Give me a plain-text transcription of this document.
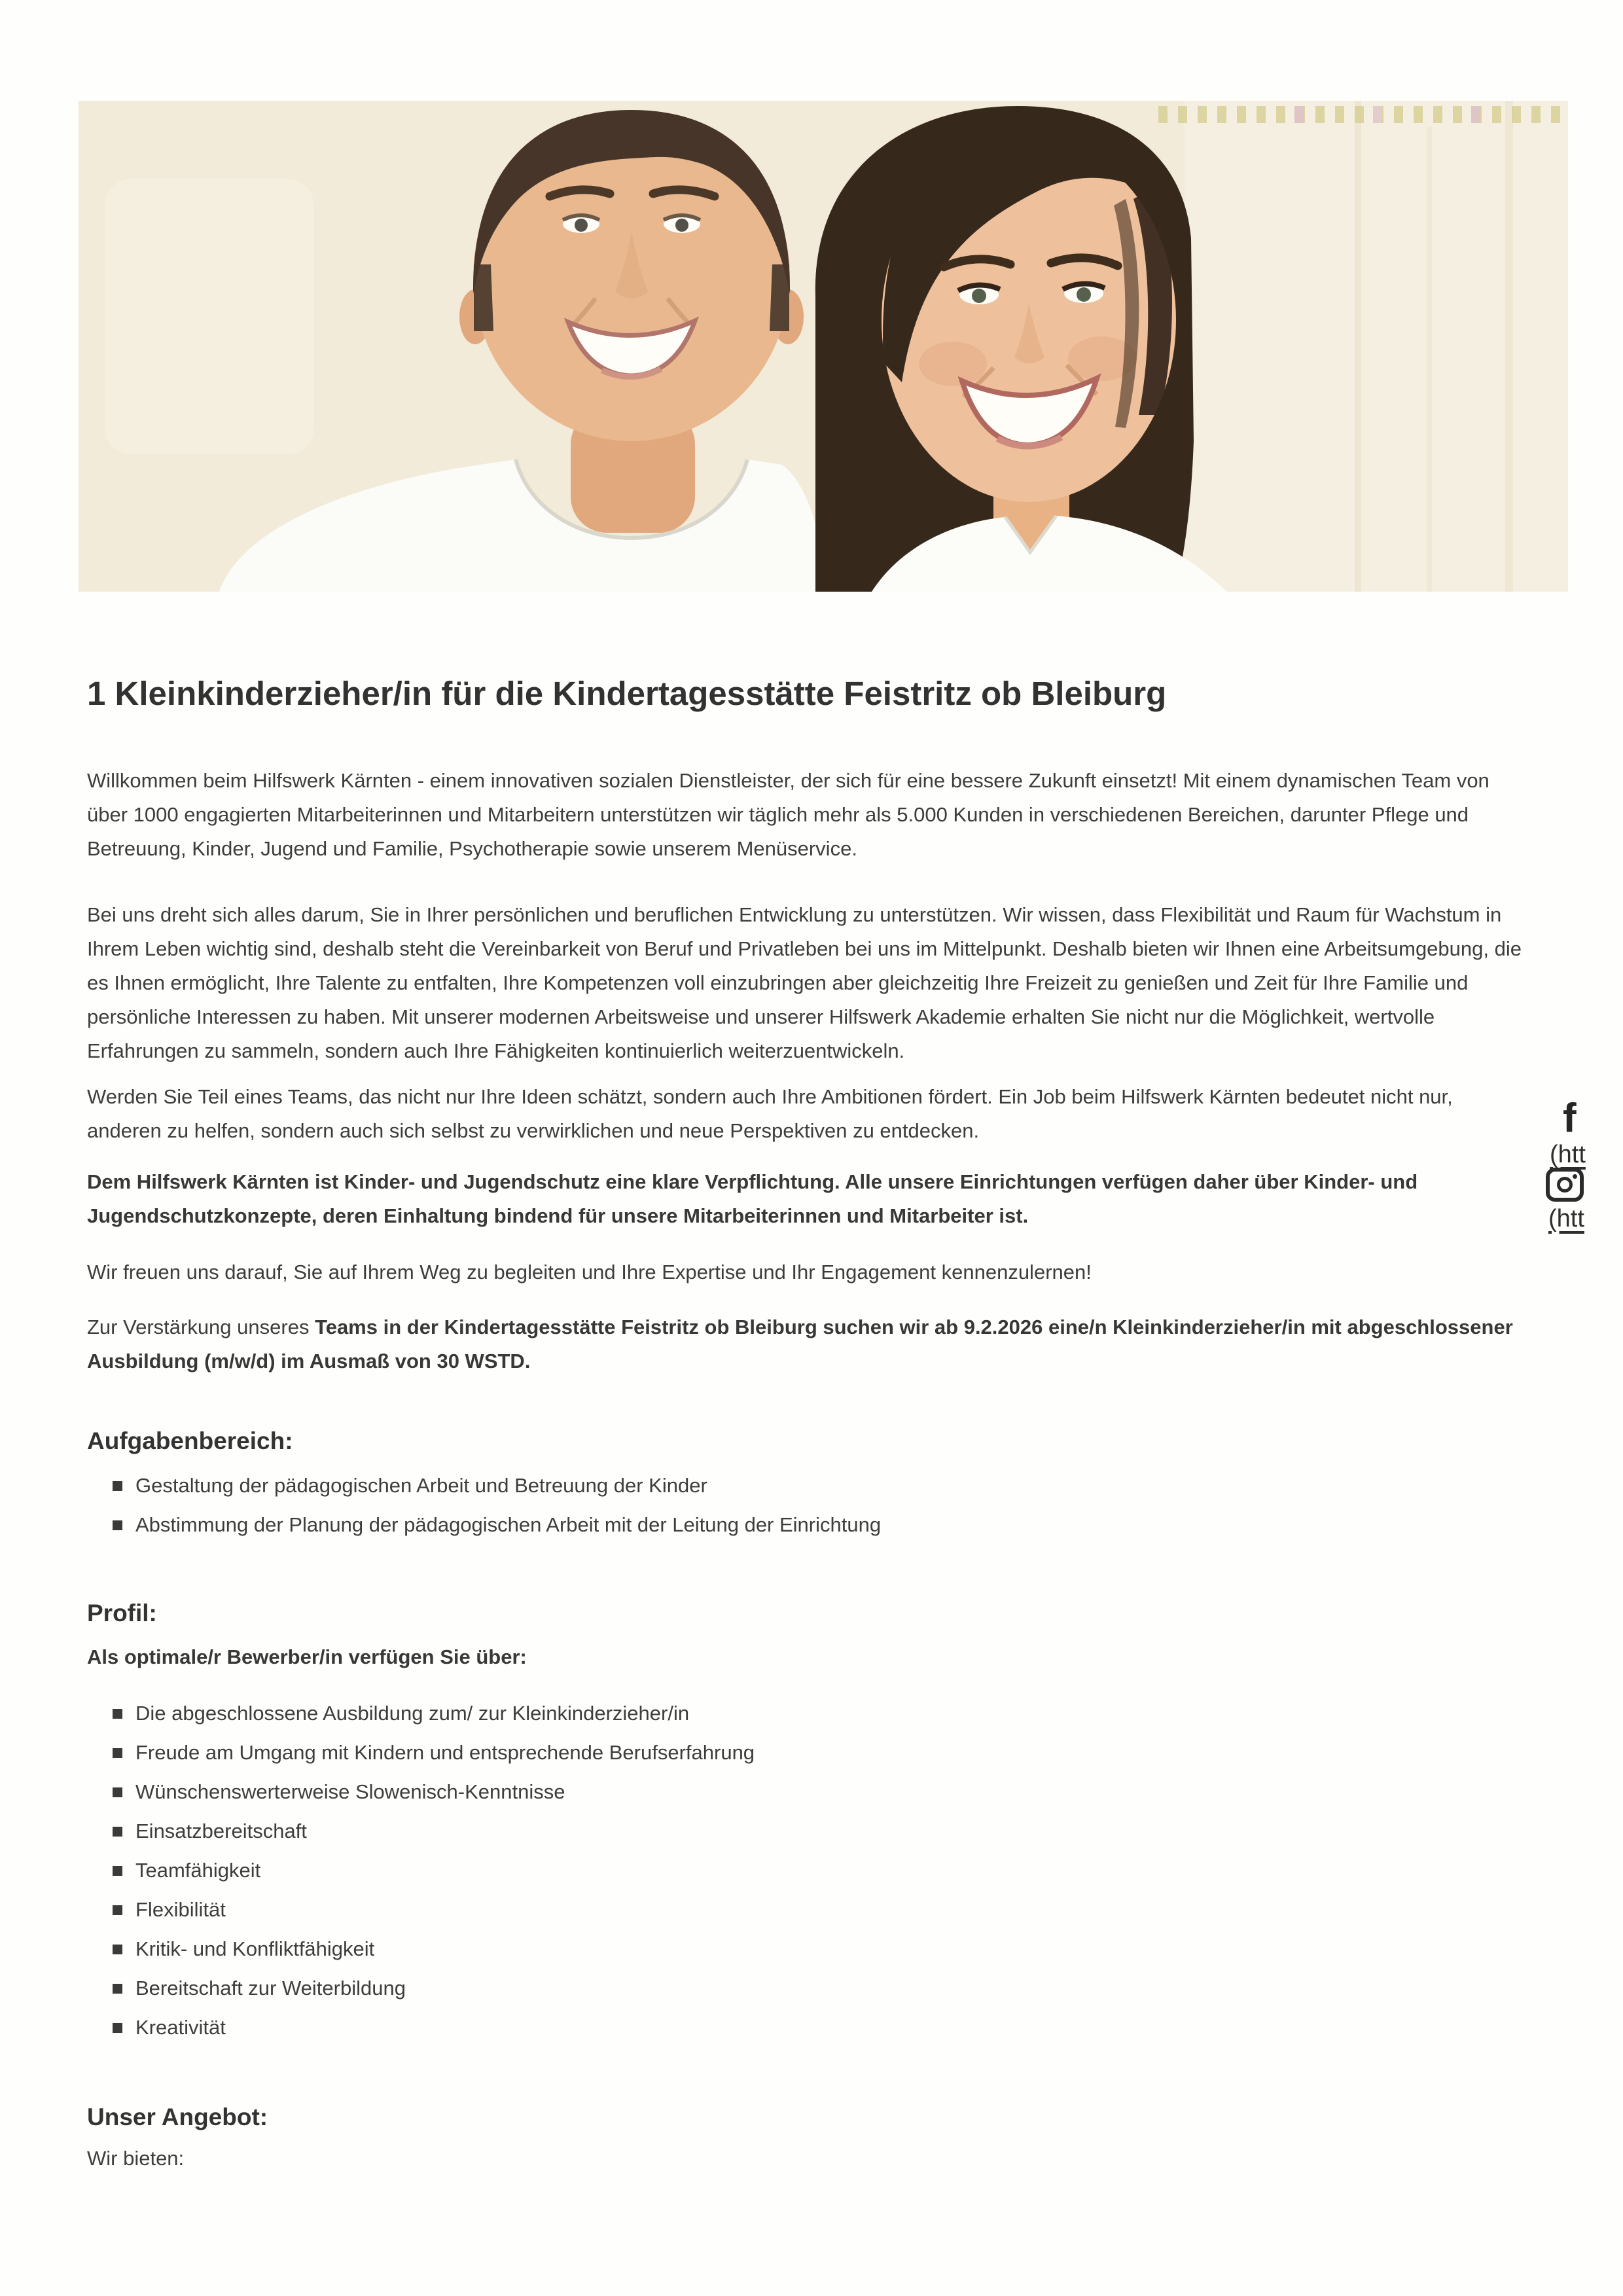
1 Kleinkinderzieher/in für die Kindertagesstätte Feistritz ob Bleiburg

Willkommen beim Hilfswerk Kärnten - einem innovativen sozialen Dienstleister, der sich für eine bessere Zukunft einsetzt! Mit einem dynamischen Team von über 1000 engagierten Mitarbeiterinnen und Mitarbeitern unterstützen wir täglich mehr als 5.000 Kunden in verschiedenen Bereichen, darunter Pflege und Betreuung, Kinder, Jugend und Familie, Psychotherapie sowie unserem Menüservice.

Bei uns dreht sich alles darum, Sie in Ihrer persönlichen und beruflichen Entwicklung zu unterstützen. Wir wissen, dass Flexibilität und Raum für Wachstum in Ihrem Leben wichtig sind, deshalb steht die Vereinbarkeit von Beruf und Privatleben bei uns im Mittelpunkt. Deshalb bieten wir Ihnen eine Arbeitsumgebung, die es Ihnen ermöglicht, Ihre Talente zu entfalten, Ihre Kompetenzen voll einzubringen aber gleichzeitig Ihre Freizeit zu genießen und Zeit für Ihre Familie und persönliche Interessen zu haben. Mit unserer modernen Arbeitsweise und unserer Hilfswerk Akademie erhalten Sie nicht nur die Möglichkeit, wertvolle Erfahrungen zu sammeln, sondern auch Ihre Fähigkeiten kontinuierlich weiterzuentwickeln.

Werden Sie Teil eines Teams, das nicht nur Ihre Ideen schätzt, sondern auch Ihre Ambitionen fördert. Ein Job beim Hilfswerk Kärnten bedeutet nicht nur, anderen zu helfen, sondern auch sich selbst zu verwirklichen und neue Perspektiven zu entdecken.

Dem Hilfswerk Kärnten ist Kinder- und Jugendschutz eine klare Verpflichtung. Alle unsere Einrichtungen verfügen daher über Kinder- und Jugendschutzkonzepte, deren Einhaltung bindend für unsere Mitarbeiterinnen und Mitarbeiter ist.

Wir freuen uns darauf, Sie auf Ihrem Weg zu begleiten und Ihre Expertise und Ihr Engagement kennenzulernen!

Zur Verstärkung unseres Teams in der Kindertagesstätte Feistritz ob Bleiburg suchen wir ab 9.2.2026 eine/n Kleinkinderzieher/in mit abgeschlossener Ausbildung (m/w/d) im Ausmaß von 30 WSTD.

Aufgabenbereich:
Gestaltung der pädagogischen Arbeit und Betreuung der Kinder
Abstimmung der Planung der pädagogischen Arbeit mit der Leitung der Einrichtung
Profil:

Als optimale/r Bewerber/in verfügen Sie über:

Die abgeschlossene Ausbildung zum/ zur Kleinkinderzieher/in
Freude am Umgang mit Kindern und entsprechende Berufserfahrung
Wünschenswerterweise Slowenisch-Kenntnisse
Einsatzbereitschaft
Teamfähigkeit
Flexibilität
Kritik- und Konfliktfähigkeit
Bereitschaft zur Weiterbildung
Kreativität
Unser Angebot:

Wir bieten:

f
(htt
(htt
